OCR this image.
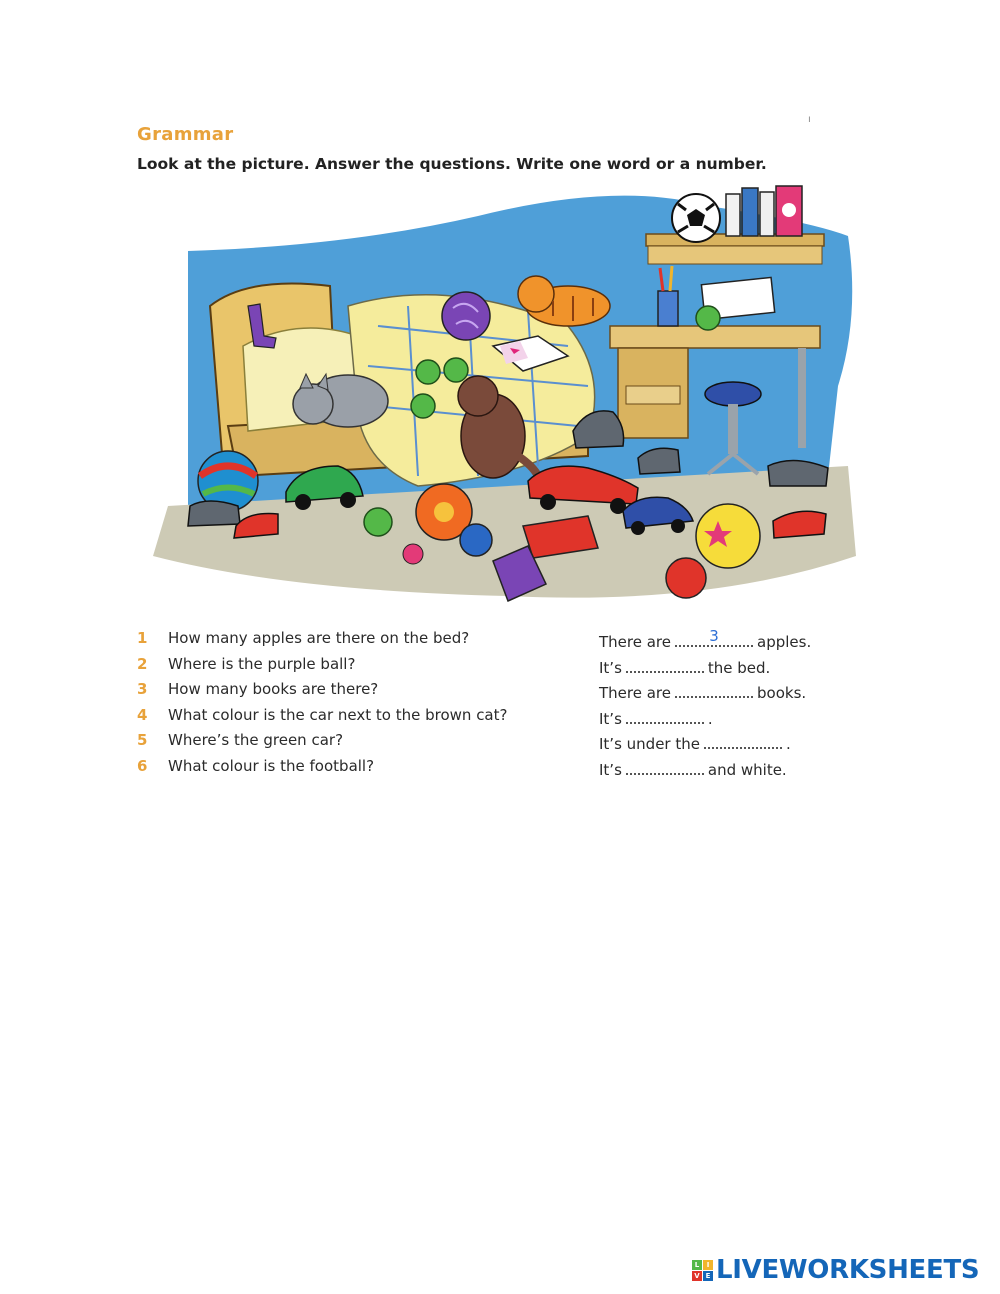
Grammar
Look at the picture. Answer the questions. Write one word or a number.
ı
1	How many apples are there on the bed?	There are	3	apples.
2	Where is the purple ball?	It’s	the bed.
3	How many books are there?	There are	books.
4	What colour is the car next to the brown cat?	It’s	.
5	Where’s the green car?	It’s under the	.
6	What colour is the football?	It’s	and white.
L	I
V E LIVEWORKSHEETS
